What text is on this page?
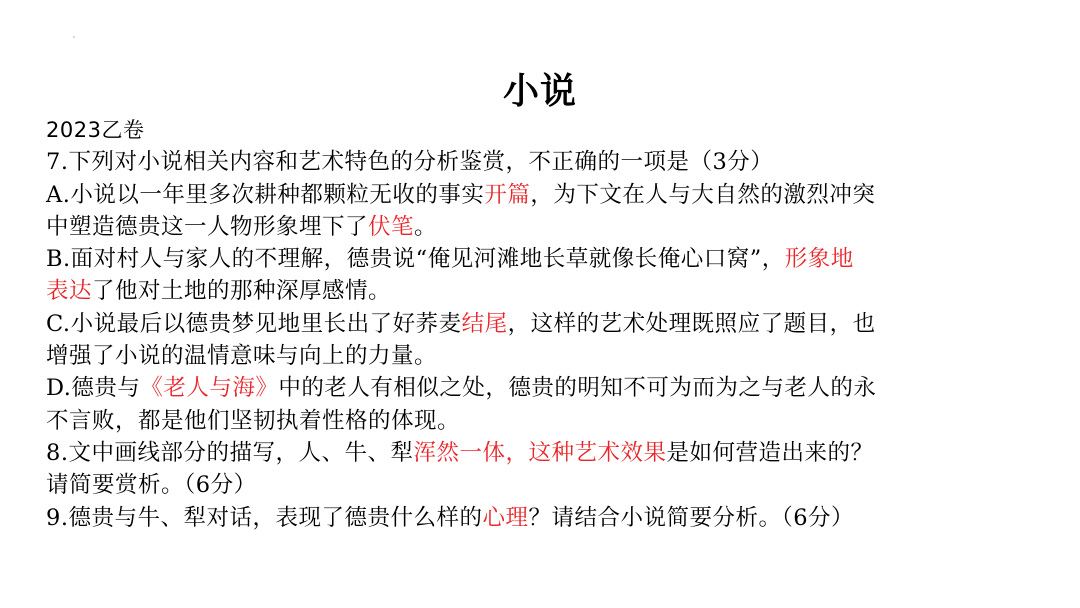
小说
2023乙卷
7.下列对小说相关内容和艺术特色的分析鉴赏，不正确的一项是（3分）
A.小说以一年里多次耕种都颗粒无收的事实开篇，为下文在人与大自然的激烈冲突
中塑造德贵这一人物形象埋下了伏笔。
B.面对村人与家人的不理解，德贵说“俺见河滩地长草就像长俺心口窝”，形象地
表达了他对土地的那种深厚感情。
C.小说最后以德贵梦见地里长出了好荞麦结尾，这样的艺术处理既照应了题目，也
增强了小说的温情意味与向上的力量。
D.德贵与《老人与海》中的老人有相似之处，德贵的明知不可为而为之与老人的永
不言败，都是他们坚韧执着性格的体现。
8.文中画线部分的描写，人、牛、犁浑然一体，这种艺术效果是如何营造出来的？
请简要赏析。（6分）
9.德贵与牛、犁对话，表现了德贵什么样的心理？请结合小说简要分析。（6分）
